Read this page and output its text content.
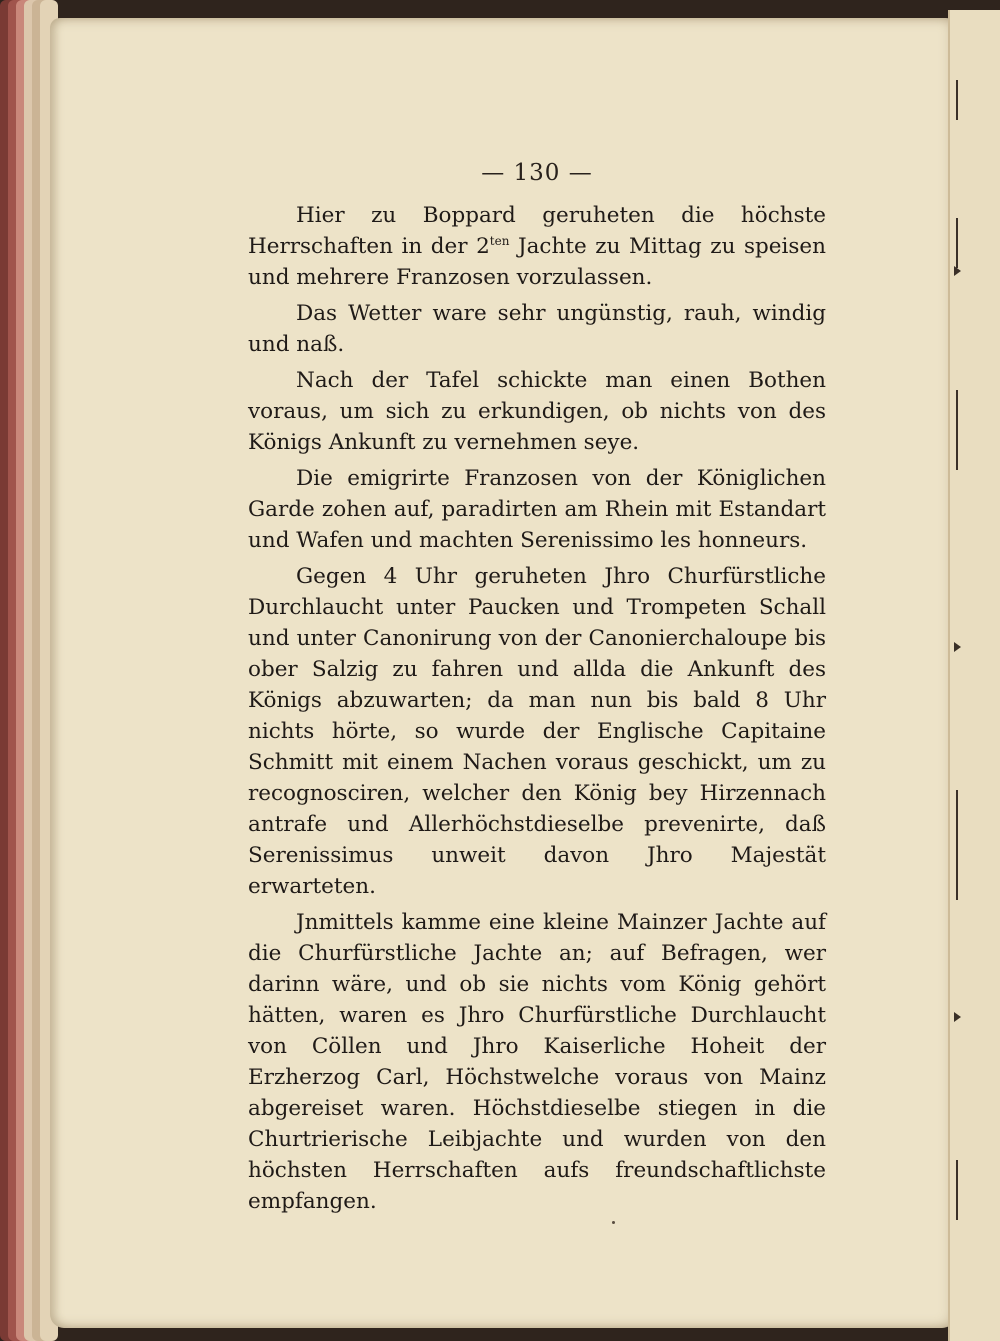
— 130 —

Hier zu Boppard geruheten die höchste Herrschaften in der $2^{ten}$ Jachte zu Mittag zu speisen und mehrere Franzosen vorzulassen.

Das Wetter ware sehr ungünstig, rauh, windig und naß.

Nach der Tafel schickte man einen Bothen voraus, um sich zu erkundigen, ob nichts von des Königs Ankunft zu vernehmen seye.

Die emigrirte Franzosen von der Königlichen Garde zohen auf, paradirten am Rhein mit Estandart und Wafen und machten Serenissimo les honneurs.

Gegen 4 Uhr geruheten Jhro Churfürstliche Durchlaucht unter Paucken und Trompeten Schall und unter Canonirung von der Canonierchaloupe bis ober Salzig zu fahren und allda die Ankunft des Königs abzuwarten; da man nun bis bald 8 Uhr nichts hörte, so wurde der Englische Capitaine Schmitt mit einem Nachen voraus geschickt, um zu recognosciren, welcher den König bey Hirzennach antrafe und Allerhöchstdieselbe prevenirte, daß Serenissimus unweit davon Jhro Majestät erwarteten.

Jnmittels kamme eine kleine Mainzer Jachte auf die Churfürstliche Jachte an; auf Befragen, wer darinn wäre, und ob sie nichts vom König gehört hätten, waren es Jhro Churfürstliche Durchlaucht von Cöllen und Jhro Kaiserliche Hoheit der Erzherzog Carl, Höchstwelche voraus von Mainz abgereiset waren. Höchstdieselbe stiegen in die Churtrierische Leibjachte und wurden von den höchsten Herrschaften aufs freundschaftlichste empfangen.
